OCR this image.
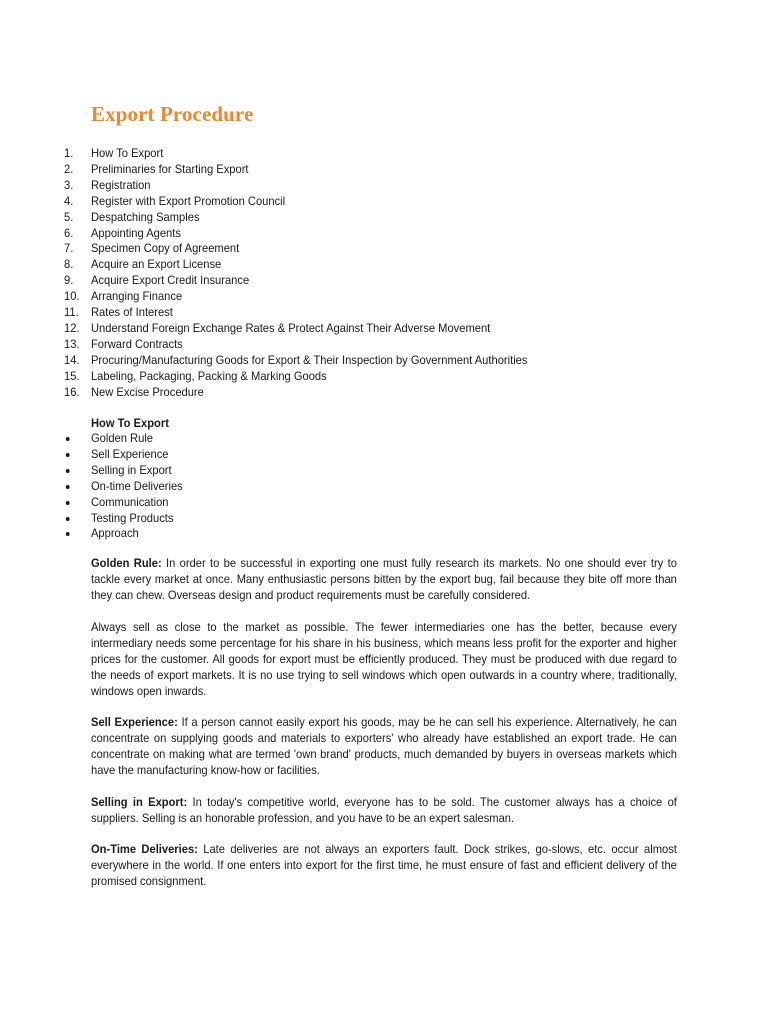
Export Procedure
1. How To Export
2. Preliminaries for Starting Export
3. Registration
4. Register with Export Promotion Council
5. Despatching Samples
6. Appointing Agents
7. Specimen Copy of Agreement
8. Acquire an Export License
9. Acquire Export Credit Insurance
10. Arranging Finance
11. Rates of Interest
12. Understand Foreign Exchange Rates & Protect Against Their Adverse Movement
13. Forward Contracts
14. Procuring/Manufacturing Goods for Export & Their Inspection by Government Authorities
15. Labeling, Packaging, Packing & Marking Goods
16. New Excise Procedure
How To Export
Golden Rule
Sell Experience
Selling in Export
On-time Deliveries
Communication
Testing Products
Approach

Golden Rule: In order to be successful in exporting one must fully research its markets. No one should ever try to tackle every market at once. Many enthusiastic persons bitten by the export bug, fail because they bite off more than they can chew. Overseas design and product requirements must be carefully considered.

Always sell as close to the market as possible. The fewer intermediaries one has the better, because every intermediary needs some percentage for his share in his business, which means less profit for the exporter and higher prices for the customer. All goods for export must be efficiently produced. They must be produced with due regard to the needs of export markets. It is no use trying to sell windows which open outwards in a country where, traditionally, windows open inwards.

Sell Experience: If a person cannot easily export his goods, may be he can sell his experience. Alternatively, he can concentrate on supplying goods and materials to exporters' who already have established an export trade. He can concentrate on making what are termed 'own brand' products, much demanded by buyers in overseas markets which have the manufacturing know-how or facilities.

Selling in Export: In today's competitive world, everyone has to be sold. The customer always has a choice of suppliers. Selling is an honorable profession, and you have to be an expert salesman.

On-Time Deliveries: Late deliveries are not always an exporters fault. Dock strikes, go-slows, etc. occur almost everywhere in the world. If one enters into export for the first time, he must ensure of fast and efficient delivery of the promised consignment.
